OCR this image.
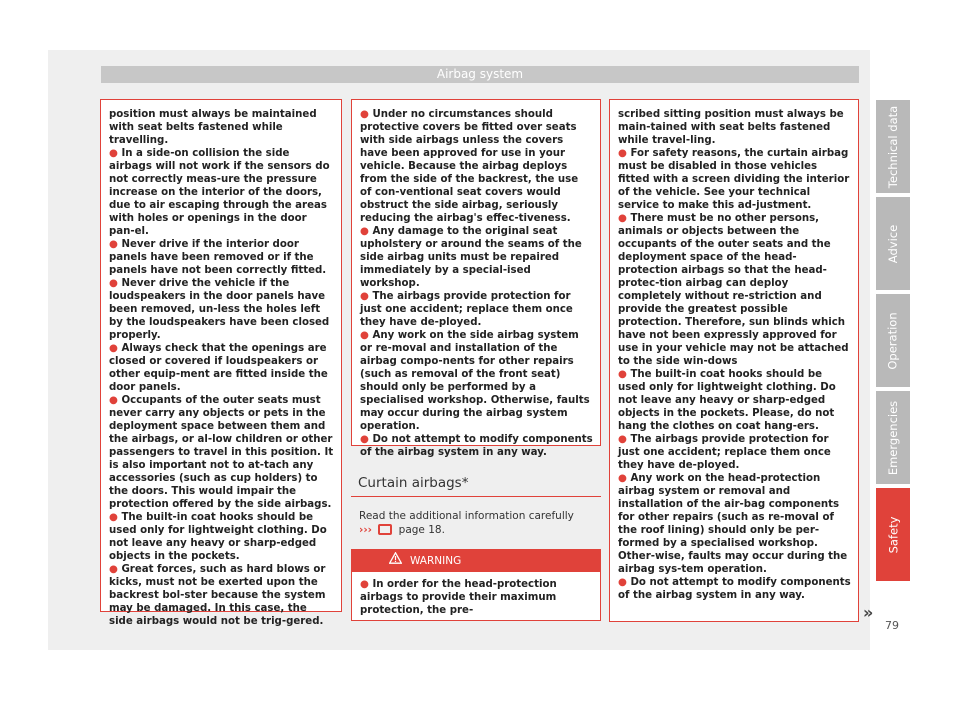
Airbag system

position must always be maintained with seat belts fastened while travelling.

● In a side-on collision the side airbags will not work if the sensors do not correctly meas-ure the pressure increase on the interior of the doors, due to air escaping through the areas with holes or openings in the door pan-el.

● Never drive if the interior door panels have been removed or if the panels have not been correctly fitted.

● Never drive the vehicle if the loudspeakers in the door panels have been removed, un-less the holes left by the loudspeakers have been closed properly.

● Always check that the openings are closed or covered if loudspeakers or other equip-ment are fitted inside the door panels.

● Occupants of the outer seats must never carry any objects or pets in the deployment space between them and the airbags, or al-low children or other passengers to travel in this position. It is also important not to at-tach any accessories (such as cup holders) to the doors. This would impair the protection offered by the side airbags.

● The built-in coat hooks should be used only for lightweight clothing. Do not leave any heavy or sharp-edged objects in the pockets.

● Great forces, such as hard blows or kicks, must not be exerted upon the backrest bol-ster because the system may be damaged. In this case, the side airbags would not be trig-gered.

● Under no circumstances should protective covers be fitted over seats with side airbags unless the covers have been approved for use in your vehicle. Because the airbag deploys from the side of the backrest, the use of con-ventional seat covers would obstruct the side airbag, seriously reducing the airbag's effec-tiveness.

● Any damage to the original seat upholstery or around the seams of the side airbag units must be repaired immediately by a special-ised workshop.

● The airbags provide protection for just one accident; replace them once they have de-ployed.

● Any work on the side airbag system or re-moval and installation of the airbag compo-nents for other repairs (such as removal of the front seat) should only be performed by a specialised workshop. Otherwise, faults may occur during the airbag system operation.

● Do not attempt to modify components of the airbag system in any way.

Curtain airbags*
Read the additional information carefully
›››	page 18.
WARNING
● In order for the head-protection airbags to provide their maximum protection, the pre-

scribed sitting position must always be main-tained with seat belts fastened while travel-ling.

● For safety reasons, the curtain airbag must be disabled in those vehicles fitted with a screen dividing the interior of the vehicle. See your technical service to make this ad-justment.

● There must be no other persons, animals or objects between the occupants of the outer seats and the deployment space of the head-protection airbags so that the head-protec-tion airbag can deploy completely without re-striction and provide the greatest possible protection. Therefore, sun blinds which have not been expressly approved for use in your vehicle may not be attached to the side win-dows

● The built-in coat hooks should be used only for lightweight clothing. Do not leave any heavy or sharp-edged objects in the pockets. Please, do not hang the clothes on coat hang-ers.

● The airbags provide protection for just one accident; replace them once they have de-ployed.

● Any work on the head-protection airbag system or removal and installation of the air-bag components for other repairs (such as re-moval of the roof lining) should only be per-formed by a specialised workshop. Other-wise, faults may occur during the airbag sys-tem operation.

● Do not attempt to modify components of the airbag system in any way.

Technical data
Advice
Operation
Emergencies
Safety
»
79
